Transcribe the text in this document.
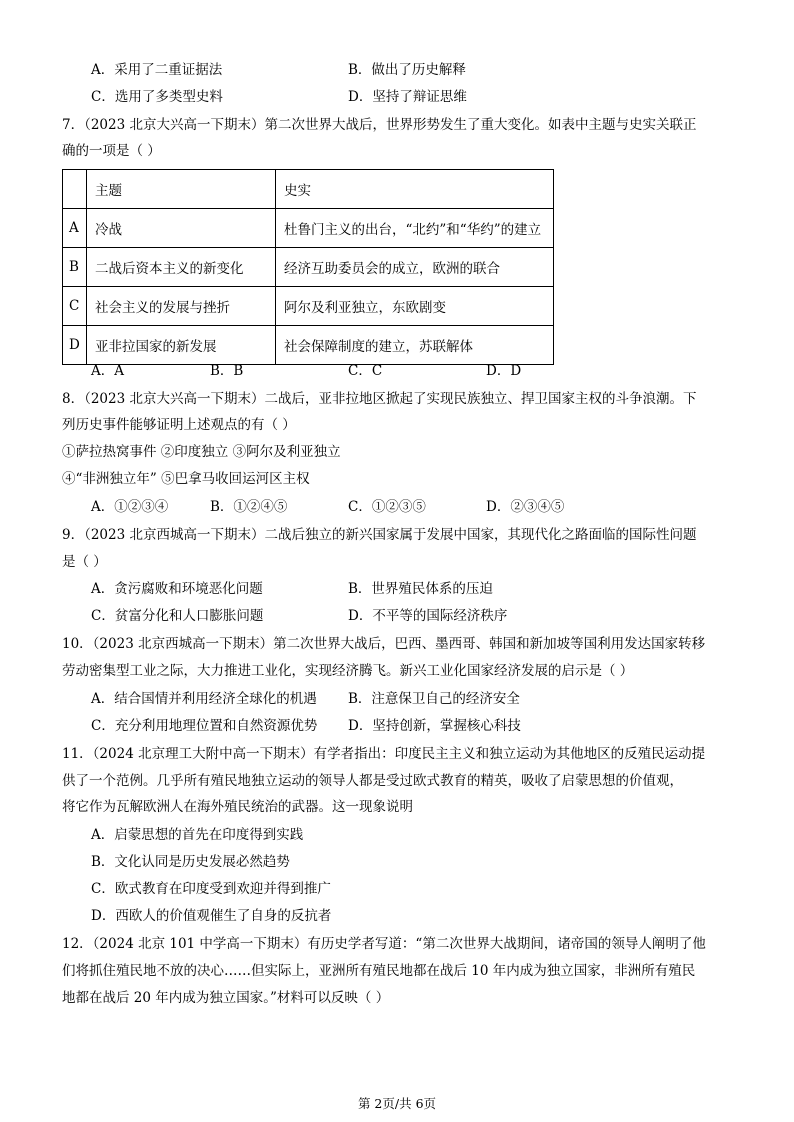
A．采用了二重证据法	B．做出了历史解释
C．选用了多类型史料	D．坚持了辩证思维
7．（2023 北京大兴高一下期末）第二次世界大战后，世界形势发生了重大变化。如表中主题与史实关联正
确的一项是（ ）
	主题	史实
A	冷战	杜鲁门主义的出台，“北约”和“华约”的建立
B	二战后资本主义的新变化	经济互助委员会的成立，欧洲的联合
C	社会主义的发展与挫折	阿尔及利亚独立，东欧剧变
D	亚非拉国家的新发展	社会保障制度的建立，苏联解体
A．A	B．B	C．C	D．D
8．（2023 北京大兴高一下期末）二战后，亚非拉地区掀起了实现民族独立、捍卫国家主权的斗争浪潮。下
列历史事件能够证明上述观点的有（ ）
①萨拉热窝事件 ②印度独立 ③阿尔及利亚独立
④“非洲独立年” ⑤巴拿马收回运河区主权
A．①②③④	B．①②④⑤	C．①②③⑤	D．②③④⑤
9．（2023 北京西城高一下期末）二战后独立的新兴国家属于发展中国家，其现代化之路面临的国际性问题
是（ ）
A．贪污腐败和环境恶化问题	B．世界殖民体系的压迫
C．贫富分化和人口膨胀问题	D．不平等的国际经济秩序
10．（2023 北京西城高一下期末）第二次世界大战后，巴西、墨西哥、韩国和新加坡等国利用发达国家转移
劳动密集型工业之际，大力推进工业化，实现经济腾飞。新兴工业化国家经济发展的启示是（ ）
A．结合国情并利用经济全球化的机遇 B．注意保卫自己的经济安全
C．充分利用地理位置和自然资源优势 D．坚持创新，掌握核心科技
11．（2024 北京理工大附中高一下期末）有学者指出：印度民主主义和独立运动为其他地区的反殖民运动提
供了一个范例。几乎所有殖民地独立运动的领导人都是受过欧式教育的精英，吸收了启蒙思想的价值观，
将它作为瓦解欧洲人在海外殖民统治的武器。这一现象说明
A．启蒙思想的首先在印度得到实践
B．文化认同是历史发展必然趋势
C．欧式教育在印度受到欢迎并得到推广
D．西欧人的价值观催生了自身的反抗者
12．（2024 北京 101 中学高一下期末）有历史学者写道：“第二次世界大战期间，诸帝国的领导人阐明了他
们将抓住殖民地不放的决心……但实际上，亚洲所有殖民地都在战后 10 年内成为独立国家，非洲所有殖民
地都在战后 20 年内成为独立国家。”材料可以反映（ ）
第 2页/共 6页
